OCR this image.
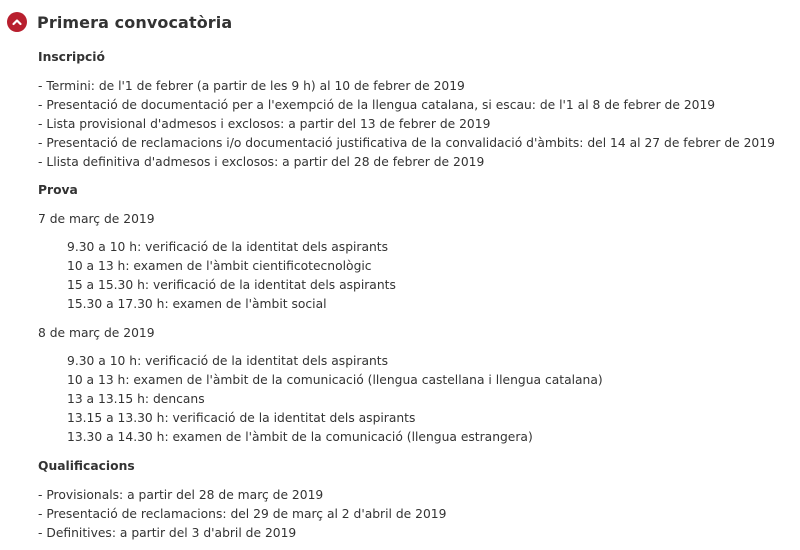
Primera convocatòria
Inscripció
- Termini: de l'1 de febrer (a partir de les 9 h) al 10 de febrer de 2019
- Presentació de documentació per a l'exempció de la llengua catalana, si escau: de l'1 al 8 de febrer de 2019
- Lista provisional d'admesos i exclosos: a partir del 13 de febrer de 2019
- Presentació de reclamacions i/o documentació justificativa de la convalidació d'àmbits: del 14 al 27 de febrer de 2019
- Llista definitiva d'admesos i exclosos: a partir del 28 de febrer de 2019
Prova
7 de març de 2019
9.30 a 10 h: verificació de la identitat dels aspirants
10 a 13 h: examen de l'àmbit cientificotecnològic
15 a 15.30 h: verificació de la identitat dels aspirants
15.30 a 17.30 h: examen de l'àmbit social
8 de març de 2019
9.30 a 10 h: verificació de la identitat dels aspirants
10 a 13 h: examen de l'àmbit de la comunicació (llengua castellana i llengua catalana)
13 a 13.15 h: dencans
13.15 a 13.30 h: verificació de la identitat dels aspirants
13.30 a 14.30 h: examen de l'àmbit de la comunicació (llengua estrangera)
Qualificacions
- Provisionals: a partir del 28 de març de 2019
- Presentació de reclamacions: del 29 de març al 2 d'abril de 2019
- Definitives: a partir del 3 d'abril de 2019
